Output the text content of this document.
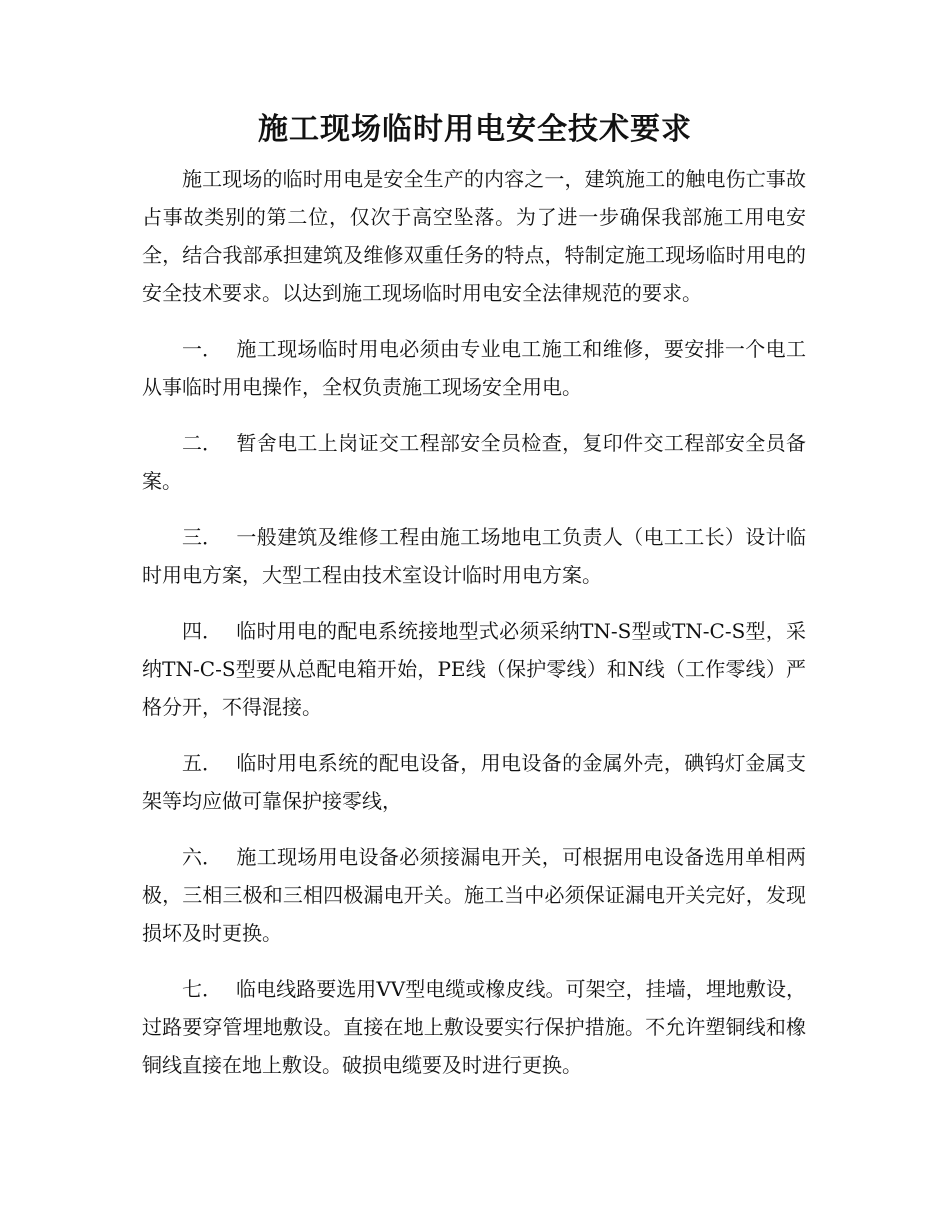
施工现场临时用电安全技术要求

施工现场的临时用电是安全生产的内容之一，建筑施工的触电伤亡事故占事故类别的第二位，仅次于高空坠落。为了进一步确保我部施工用电安全，结合我部承担建筑及维修双重任务的特点，特制定施工现场临时用电的安全技术要求。以达到施工现场临时用电安全法律规范的要求。

一． 施工现场临时用电必须由专业电工施工和维修，要安排一个电工从事临时用电操作，全权负责施工现场安全用电。

二． 暂舍电工上岗证交工程部安全员检查，复印件交工程部安全员备案。

三． 一般建筑及维修工程由施工场地电工负责人（电工工长）设计临时用电方案，大型工程由技术室设计临时用电方案。

四． 临时用电的配电系统接地型式必须采纳TN-S型或TN-C-S型，采纳TN-C-S型要从总配电箱开始，PE线（保护零线）和N线（工作零线）严格分开，不得混接。

五． 临时用电系统的配电设备，用电设备的金属外壳，碘钨灯金属支架等均应做可靠保护接零线，

六． 施工现场用电设备必须接漏电开关，可根据用电设备选用单相两极，三相三极和三相四极漏电开关。施工当中必须保证漏电开关完好，发现损坏及时更换。

七． 临电线路要选用VV型电缆或橡皮线。可架空，挂墙，埋地敷设，过路要穿管埋地敷设。直接在地上敷设要实行保护措施。不允许塑铜线和橡铜线直接在地上敷设。破损电缆要及时进行更换。
